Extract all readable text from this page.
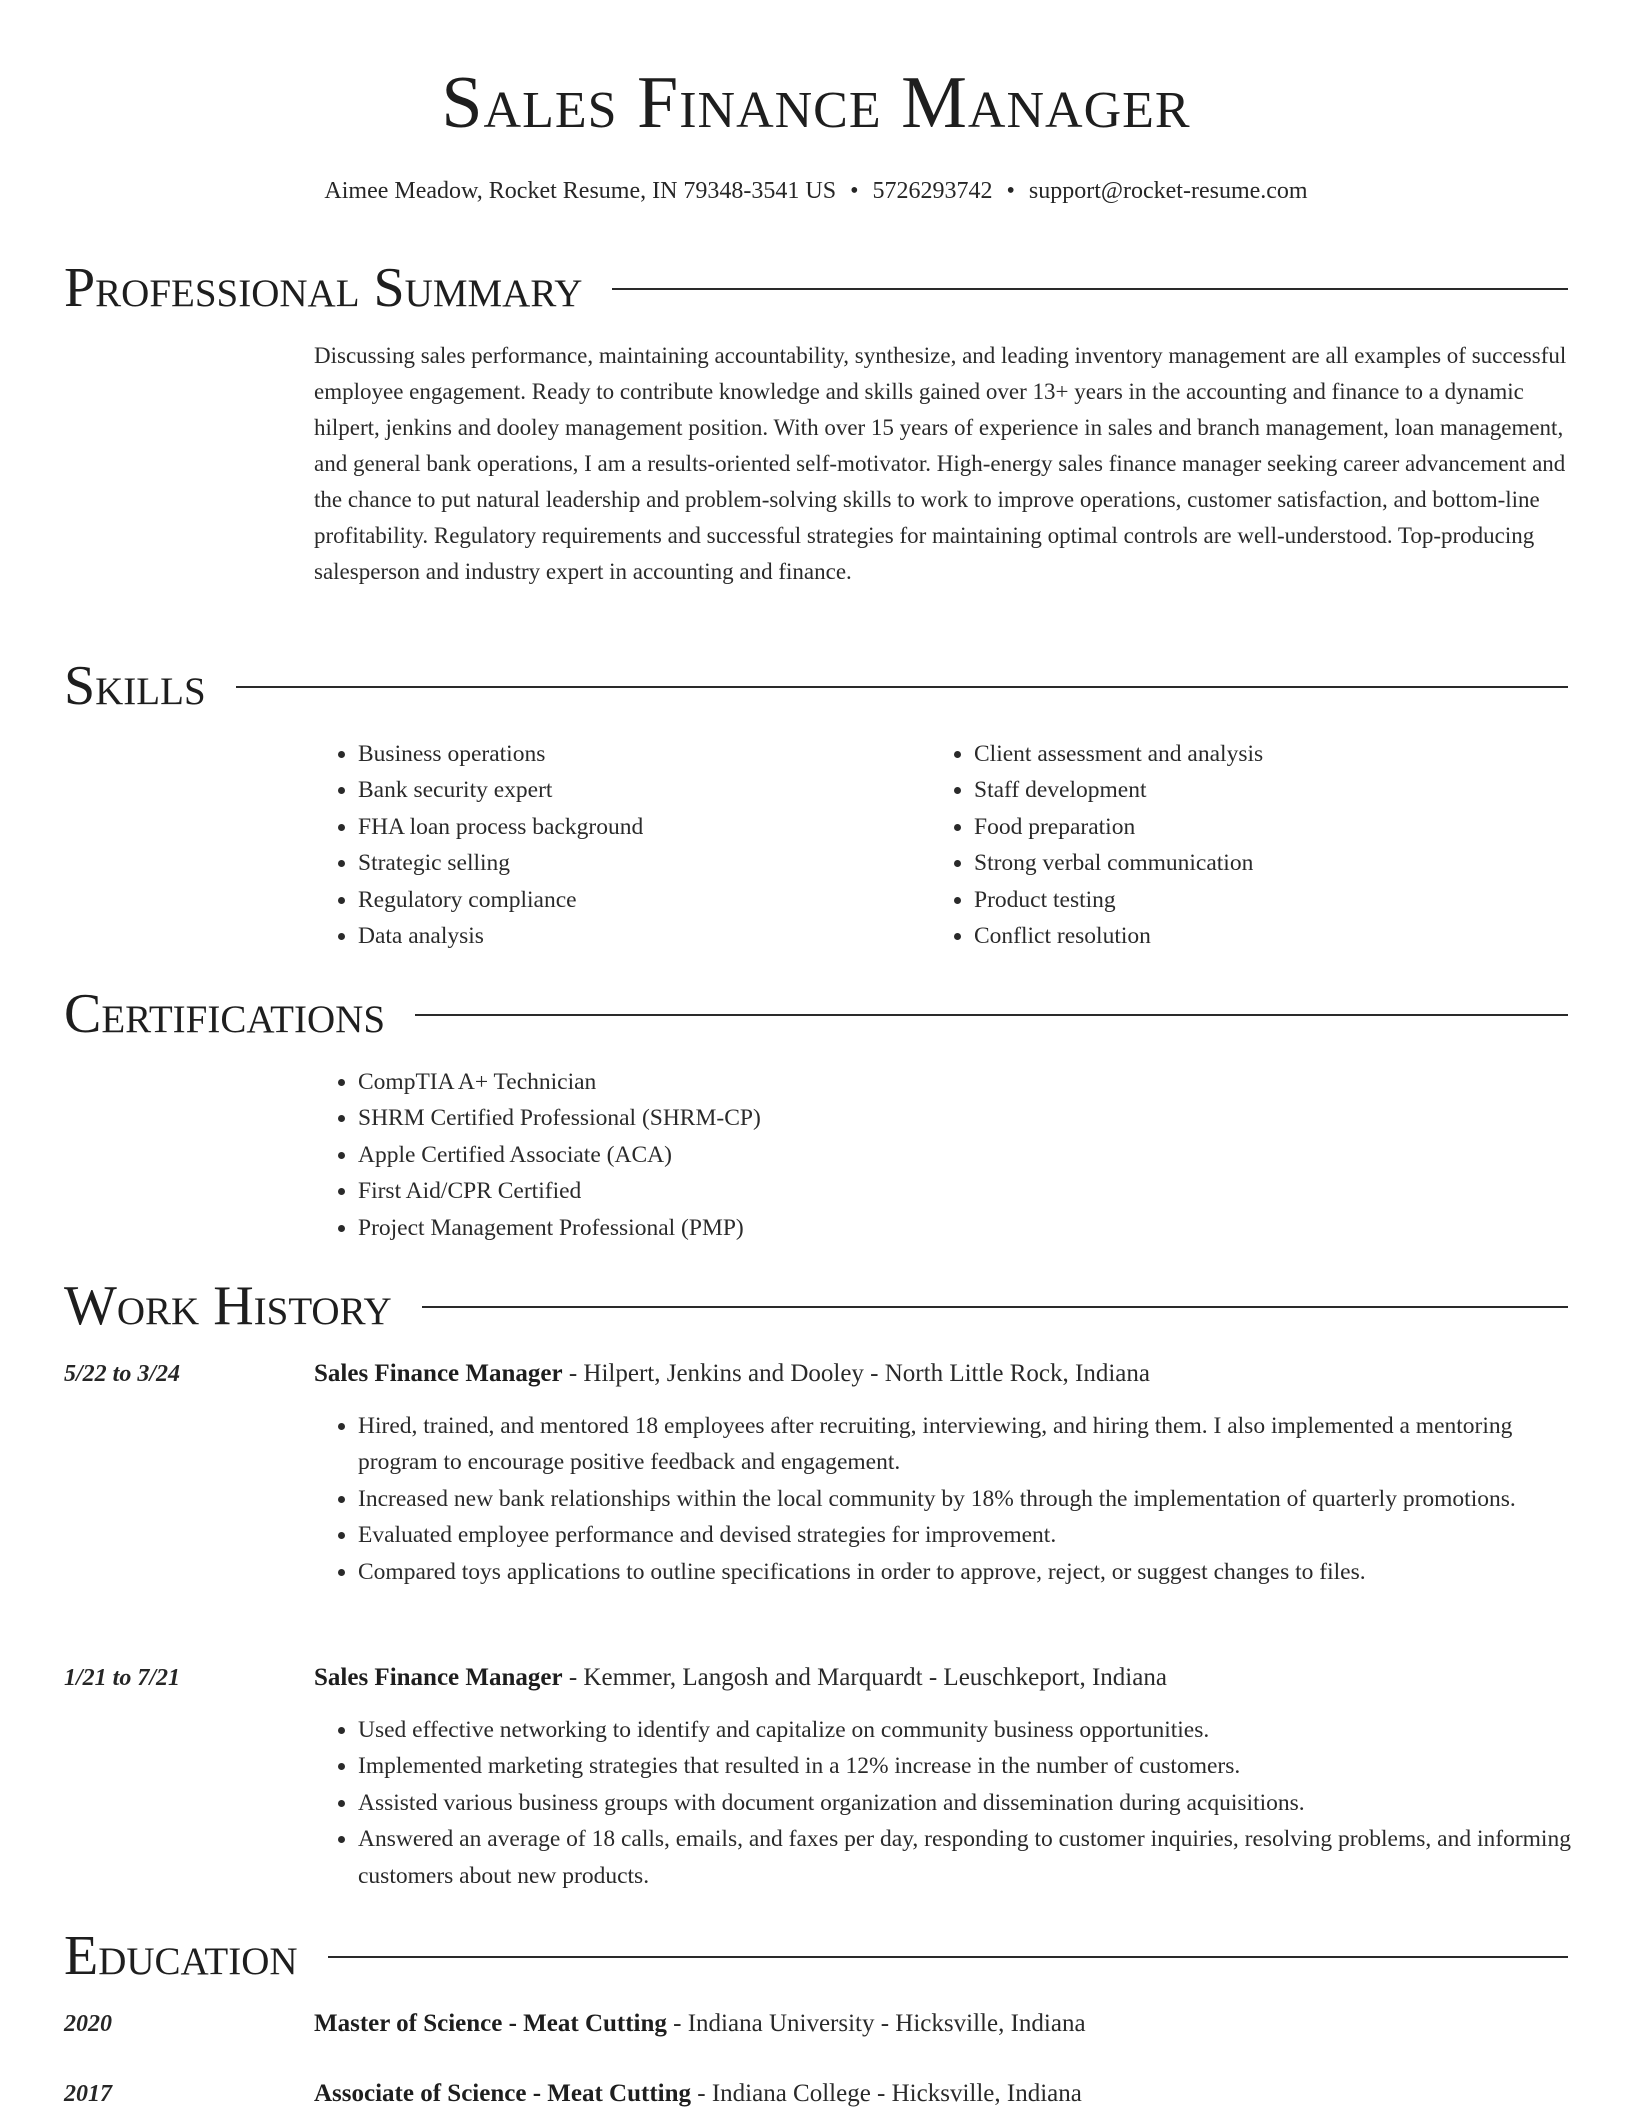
Sales Finance Manager
Aimee Meadow, Rocket Resume, IN 79348-3541 US • 5726293742 • support@rocket-resume.com
Professional Summary

Discussing sales performance, maintaining accountability, synthesize, and leading inventory management are all examples of successful employee engagement. Ready to contribute knowledge and skills gained over 13+ years in the accounting and finance to a dynamic hilpert, jenkins and dooley management position. With over 15 years of experience in sales and branch management, loan management, and general bank operations, I am a results-oriented self-motivator. High-energy sales finance manager seeking career advancement and the chance to put natural leadership and problem-solving skills to work to improve operations, customer satisfaction, and bottom-line profitability. Regulatory requirements and successful strategies for maintaining optimal controls are well-understood. Top-producing salesperson and industry expert in accounting and finance.

Skills
• Business operations
• Bank security expert
• FHA loan process background
• Strategic selling
• Regulatory compliance
• Data analysis
• Client assessment and analysis
• Staff development
• Food preparation
• Strong verbal communication
• Product testing
• Conflict resolution
Certifications
• CompTIA A+ Technician
• SHRM Certified Professional (SHRM-CP)
• Apple Certified Associate (ACA)
• First Aid/CPR Certified
• Project Management Professional (PMP)
Work History
5/22 to 3/24	Sales Finance Manager - Hilpert, Jenkins and Dooley - North Little Rock, Indiana
• Hired, trained, and mentored 18 employees after recruiting, interviewing, and hiring them. I also implemented a mentoring program to encourage positive feedback and engagement.
• Increased new bank relationships within the local community by 18% through the implementation of quarterly promotions.
• Evaluated employee performance and devised strategies for improvement.
• Compared toys applications to outline specifications in order to approve, reject, or suggest changes to files.
1/21 to 7/21	Sales Finance Manager - Kemmer, Langosh and Marquardt - Leuschkeport, Indiana
• Used effective networking to identify and capitalize on community business opportunities.
• Implemented marketing strategies that resulted in a 12% increase in the number of customers.
• Assisted various business groups with document organization and dissemination during acquisitions.
• Answered an average of 18 calls, emails, and faxes per day, responding to customer inquiries, resolving problems, and informing customers about new products.
Education
2020	Master of Science - Meat Cutting - Indiana University - Hicksville, Indiana
2017	Associate of Science - Meat Cutting - Indiana College - Hicksville, Indiana
